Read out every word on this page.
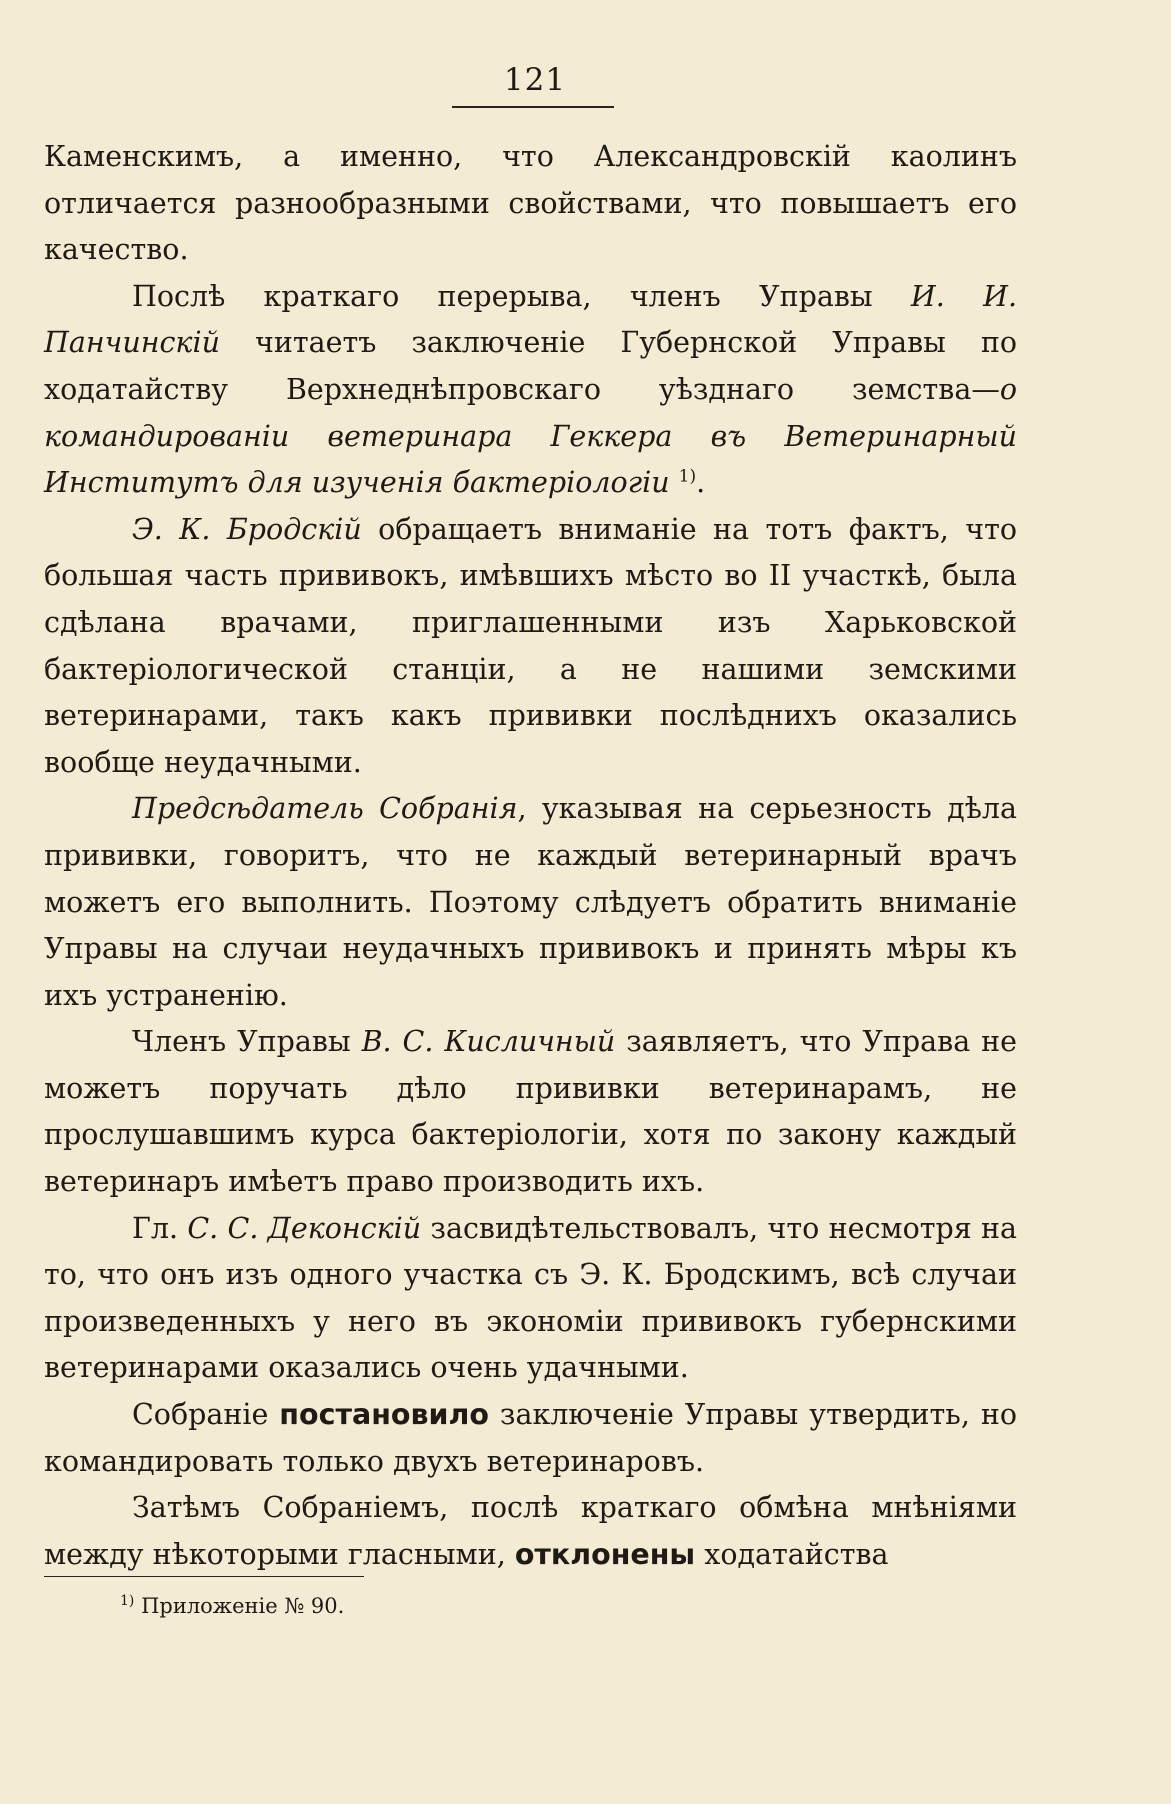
121

Каменскимъ, а именно, что Александровскій каолинъ отличается разнообразными свойствами, что повышаетъ его качество.

Послѣ краткаго перерыва, членъ Управы И. И. Панчинскій читаетъ заключеніе Губернской Управы по ходатайству Верхнеднѣпровскаго уѣзднаго земства—о командированіи ветеринара Геккера въ Ветеринарный Институтъ для изученія бактеріологіи $^{1)}$.

Э. К. Бродскій обращаетъ вниманіе на тотъ фактъ, что большая часть прививокъ, имѣвшихъ мѣсто во II участкѣ, была сдѣлана врачами, приглашенными изъ Харьковской бактеріологической станціи, а не нашими земскими ветеринарами, такъ какъ прививки послѣднихъ оказались вообще неудачными.

Предсѣдатель Собранія, указывая на серьезность дѣла прививки, говоритъ, что не каждый ветеринарный врачъ можетъ его выполнить. Поэтому слѣдуетъ обратить вниманіе Управы на случаи неудачныхъ прививокъ и принять мѣры къ ихъ устраненію.

Членъ Управы В. С. Кисличный заявляетъ, что Управа не можетъ поручать дѣло прививки ветеринарамъ, не прослушавшимъ курса бактеріологіи, хотя по закону каждый ветеринаръ имѣетъ право производить ихъ.

Гл. С. С. Деконскій засвидѣтельствовалъ, что несмотря на то, что онъ изъ одного участка съ Э. К. Бродскимъ, всѣ случаи произведенныхъ у него въ экономіи прививокъ губернскими ветеринарами оказались очень удачными.

Собраніе постановило заключеніе Управы утвердить, но командировать только двухъ ветеринаровъ.

Затѣмъ Собраніемъ, послѣ краткаго обмѣна мнѣніями между нѣкоторыми гласными, отклонены ходатайства

$^{1)}$ Приложеніе № 90.
